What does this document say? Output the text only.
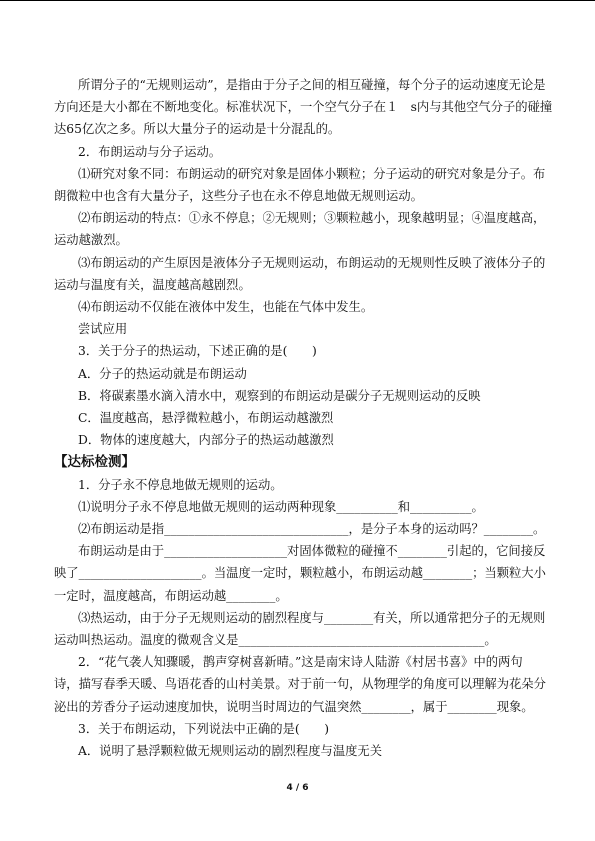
所谓分子的“无规则运动”，是指由于分子之间的相互碰撞，每个分子的运动速度无论是

方向还是大小都在不断地变化。标准状况下，一个空气分子在１　s内与其他空气分子的碰撞

达65亿次之多。所以大量分子的运动是十分混乱的。

2．布朗运动与分子运动。

⑴研究对象不同：布朗运动的研究对象是固体小颗粒；分子运动的研究对象是分子。布

朗微粒中也含有大量分子，这些分子也在永不停息地做无规则运动。

⑵布朗运动的特点：①永不停息；②无规则；③颗粒越小，现象越明显；④温度越高，

运动越激烈。

⑶布朗运动的产生原因是液体分子无规则运动，布朗运动的无规则性反映了液体分子的

运动与温度有关，温度越高越剧烈。

⑷布朗运动不仅能在液体中发生，也能在气体中发生。

尝试应用

3．关于分子的热运动，下述正确的是(　　)

A．分子的热运动就是布朗运动

B．将碳素墨水滴入清水中，观察到的布朗运动是碳分子无规则运动的反映

C．温度越高，悬浮微粒越小，布朗运动越激烈

D．物体的速度越大，内部分子的热运动越激烈

【达标检测】

1．分子永不停息地做无规则的运动。

⑴说明分子永不停息地做无规则的运动两种现象__________和__________。

⑵布朗运动是指______________________________，是分子本身的运动吗？________。

布朗运动是由于____________________对固体微粒的碰撞不________引起的，它间接反

映了____________________。当温度一定时，颗粒越小，布朗运动越________；当颗粒大小

一定时，温度越高，布朗运动越________。

⑶热运动，由于分子无规则运动的剧烈程度与________有关，所以通常把分子的无规则

运动叫热运动。温度的微观含义是________________________________________。

2．“花气袭人知骤暖，鹊声穿树喜新晴。”这是南宋诗人陆游《村居书喜》中的两句

诗，描写春季天暖、鸟语花香的山村美景。对于前一句，从物理学的角度可以理解为花朵分

泌出的芳香分子运动速度加快，说明当时周边的气温突然________，属于________现象。

3．关于布朗运动，下列说法中正确的是(　　)

A．说明了悬浮颗粒做无规则运动的剧烈程度与温度无关

4 / 6
